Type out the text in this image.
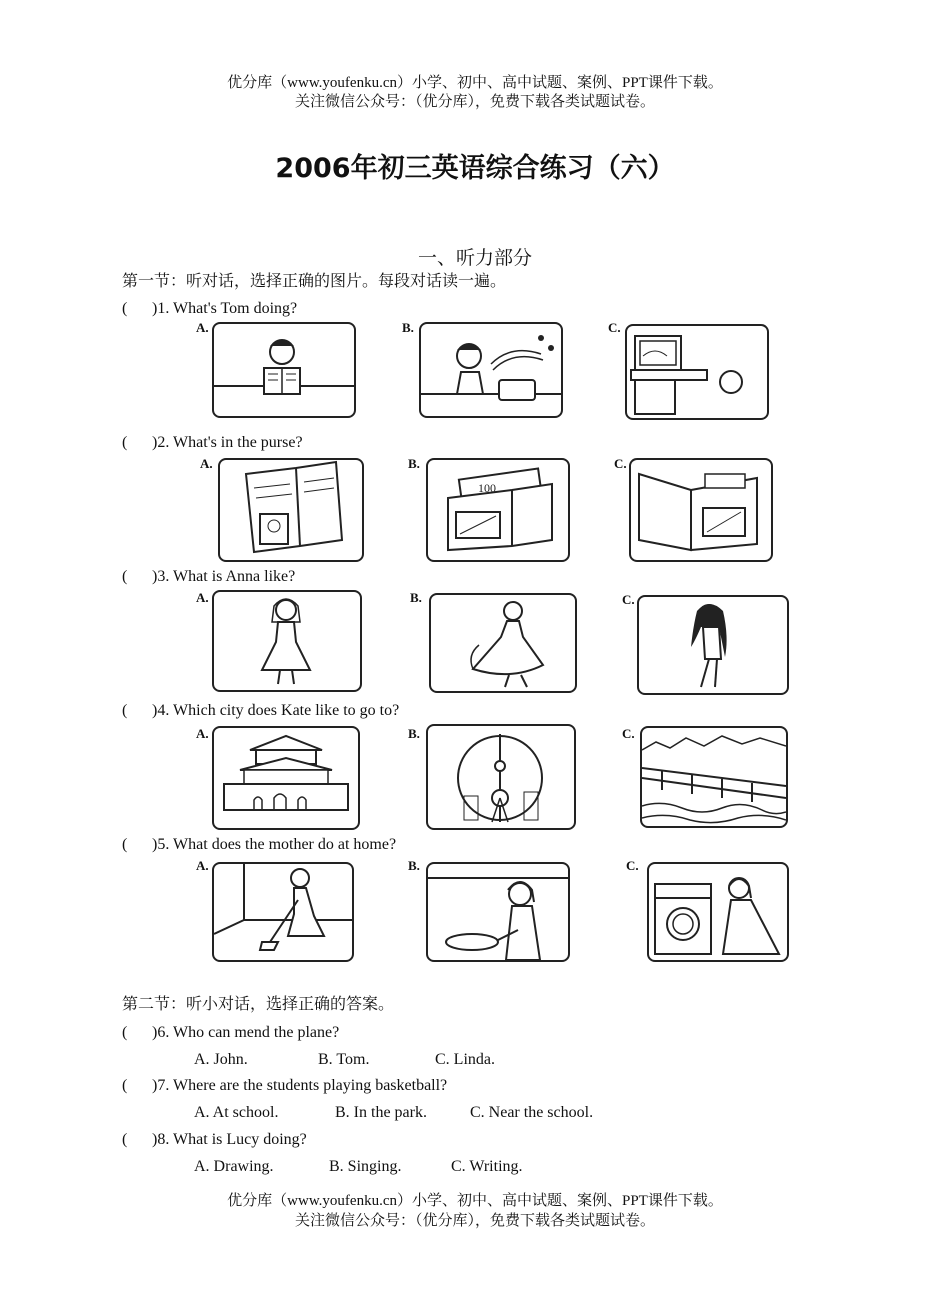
优分库（www.youfenku.cn）小学、初中、高中试题、案例、PPT课件下载。
关注微信公众号：（优分库），免费下载各类试题试卷。
2006年初三英语综合练习（六）
一、听力部分
第一节：听对话，选择正确的图片。每段对话读一遍。
( )1. What's Tom doing?
A.	B.	C.
( )2. What's in the purse?
A.	B.
100
C.
( )3. What is Anna like?
A.	B.	C.
( )4. Which city does Kate like to go to?
A.	B.	C.
( )5. What does the mother do at home?
A.	B.	C.
第二节：听小对话，选择正确的答案。
( )6. Who can mend the plane?
A. John.	B. Tom.	C. Linda.
( )7. Where are the students playing basketball?
A. At school.	B. In the park.	C. Near the school.
( )8. What is Lucy doing?
A. Drawing.	B. Singing.	C. Writing.
优分库（www.youfenku.cn）小学、初中、高中试题、案例、PPT课件下载。
关注微信公众号：（优分库），免费下载各类试题试卷。
